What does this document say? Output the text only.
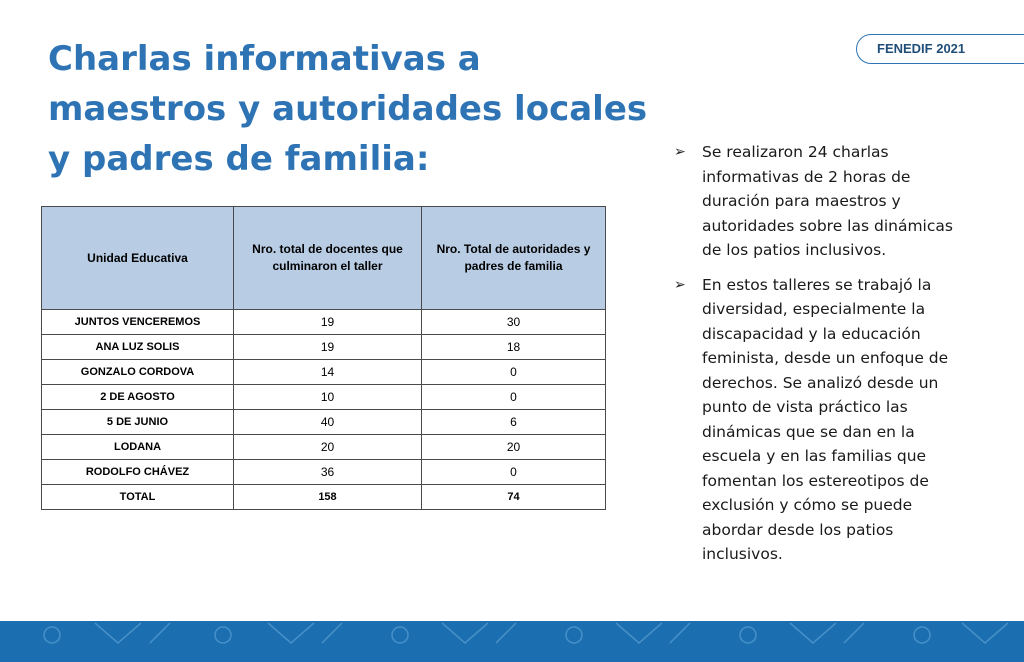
Charlas informativas a maestros y autoridades locales y padres de familia:
FENEDIF 2021
Unidad Educativa	Nro. total de docentes que culminaron el taller	Nro. Total de autoridades y padres de familia
JUNTOS VENCEREMOS	19	30
ANA LUZ SOLIS	19	18
GONZALO CORDOVA	14	0
2 DE AGOSTO	10	0
5 DE JUNIO	40	6
LODANA	20	20
RODOLFO CHÁVEZ	36	0
TOTAL	158	74
➢ Se realizaron 24 charlas informativas de 2 horas de duración para maestros y autoridades sobre las dinámicas de los patios inclusivos.
➢ En estos talleres se trabajó la diversidad, especialmente la discapacidad y la educación feminista, desde un enfoque de derechos. Se analizó desde un punto de vista práctico las dinámicas que se dan en la escuela y en las familias que fomentan los estereotipos de exclusión y cómo se puede abordar desde los patios inclusivos.
